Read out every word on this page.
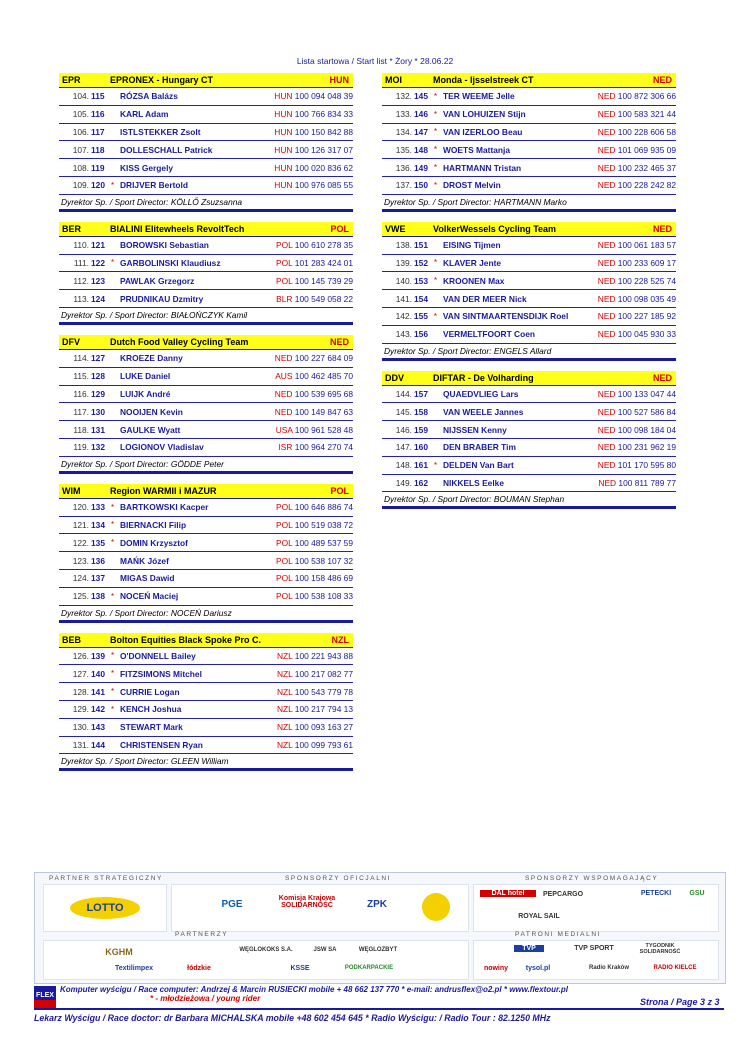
Lista startowa / Start list * Żory * 28.06.22
EPR	EPRONEX - Hungary CT	HUN
104. 115	RÓZSA Balázs	HUN 100 094 048 39
105. 116	KARL Adam	HUN 100 766 834 33
106. 117	ISTLSTEKKER Zsolt	HUN 100 150 842 88
107. 118	DOLLESCHALL Patrick	HUN 100 126 317 07
108. 119	KISS Gergely	HUN 100 020 836 62
109. 120 * DRIJVER Bertold	HUN 100 976 085 55
Dyrektor Sp. / Sport Director: KÖLLŐ Zsuzsanna
BER	BIALINI Elitewheels RevoltTech	POL
110. 121	BOROWSKI Sebastian	POL 100 610 278 35
111. 122 * GARBOLINSKI Klaudiusz	POL 101 283 424 01
112. 123	PAWLAK Grzegorz	POL 100 145 739 29
113. 124	PRUDNIKAU Dzmitry	BLR 100 549 058 22
Dyrektor Sp. / Sport Director: BIAŁOŃCZYK Kamil
DFV	Dutch Food Valley Cycling Team	NED
114. 127	KROEZE Danny	NED 100 227 684 09
115. 128	LUKE Daniel	AUS 100 462 485 70
116. 129	LUIJK André	NED 100 539 695 68
117. 130	NOOIJEN Kevin	NED 100 149 847 63
118. 131	GAULKE Wyatt	USA 100 961 528 48
119. 132	LOGIONOV Vladislav	ISR 100 964 270 74
Dyrektor Sp. / Sport Director: GÖDDE Peter
WIM	Region WARMII i MAZUR	POL
120. 133 * BARTKOWSKI Kacper	POL 100 646 886 74
121. 134 * BIERNACKI Filip	POL 100 519 038 72
122. 135 * DOMIN Krzysztof	POL 100 489 537 59
123. 136	MAŃK Józef	POL 100 538 107 32
124. 137	MIGAS Dawid	POL 100 158 486 69
125. 138 * NOCEŃ Maciej	POL 100 538 108 33
Dyrektor Sp. / Sport Director: NOCEŃ Dariusz
BEB	Bolton Equities Black Spoke Pro C.	NZL
126. 139 * O'DONNELL Bailey	NZL 100 221 943 88
127. 140 * FITZSIMONS Mitchel	NZL 100 217 082 77
128. 141 * CURRIE Logan	NZL 100 543 779 78
129. 142 * KENCH Joshua	NZL 100 217 794 13
130. 143	STEWART Mark	NZL 100 093 163 27
131. 144	CHRISTENSEN Ryan	NZL 100 099 793 61
Dyrektor Sp. / Sport Director: GLEEN William
MOI	Monda - Ijsselstreek CT	NED
132. 145 * TER WEEME Jelle	NED 100 872 306 66
133. 146 * VAN LOHUIZEN Stijn	NED 100 583 321 44
134. 147 * VAN IZERLOO Beau	NED 100 228 606 58
135. 148 * WOETS Mattanja	NED 101 069 935 09
136. 149 * HARTMANN Tristan	NED 100 232 465 37
137. 150 * DROST Melvin	NED 100 228 242 82
Dyrektor Sp. / Sport Director: HARTMANN Marko
VWE	VolkerWessels Cycling Team	NED
138. 151	EISING Tijmen	NED 100 061 183 57
139. 152 * KLAVER Jente	NED 100 233 609 17
140. 153 * KROONEN Max	NED 100 228 525 74
141. 154	VAN DER MEER Nick	NED 100 098 035 49
142. 155 * VAN SINTMAARTENSDIJK Roel	NED 100 227 185 92
143. 156	VERMELTFOORT Coen	NED 100 045 930 33
Dyrektor Sp. / Sport Director: ENGELS Allard
DDV	DIFTAR - De Volharding	NED
144. 157	QUAEDVLIEG Lars	NED 100 133 047 44
145. 158	VAN WEELE Jannes	NED 100 527 586 84
146. 159	NIJSSEN Kenny	NED 100 098 184 04
147. 160	DEN BRABER Tim	NED 100 231 962 19
148. 161 * DELDEN Van Bart	NED 101 170 595 80
149. 162	NIKKELS Eelke	NED 100 811 789 77
Dyrektor Sp. / Sport Director: BOUMAN Stephan
PARTNER STRATEGICZNY	SPONSORZY OFICJALNI	SPONSORZY WSPOMAGAJĄCY
LOTTO	PGE
Komisja Krajowa SOLIDARNOŚĆ	ZPK
DAL hotel	PEPCARGO	PETECKI	GSU
ROYAL SAIL
PARTNERZY	PATRONI MEDIALNI
KGHM
Textilimpex
WĘGLOKOKS S.A.	JSW SA	WĘGLOZBYT
łódzkie	KSSE	PODKARPACKIE
TVP	TVP SPORT	TYGODNIK SOLIDARNOŚĆ
nowiny	tysol.pl	Radio Kraków	RADIO KIELCE
FLEX
Komputer wyścigu / Race computer: Andrzej & Marcin RUSIECKI mobile + 48 662 137 770 * e-mail: andrusflex@o2.pl * www.flextour.pl
* - młodzieżowa / young rider	Strona / Page 3 z 3
Lekarz Wyścigu / Race doctor: dr Barbara MICHALSKA mobile +48 602 454 645 * Radio Wyścigu: / Radio Tour : 82.1250 MHz
